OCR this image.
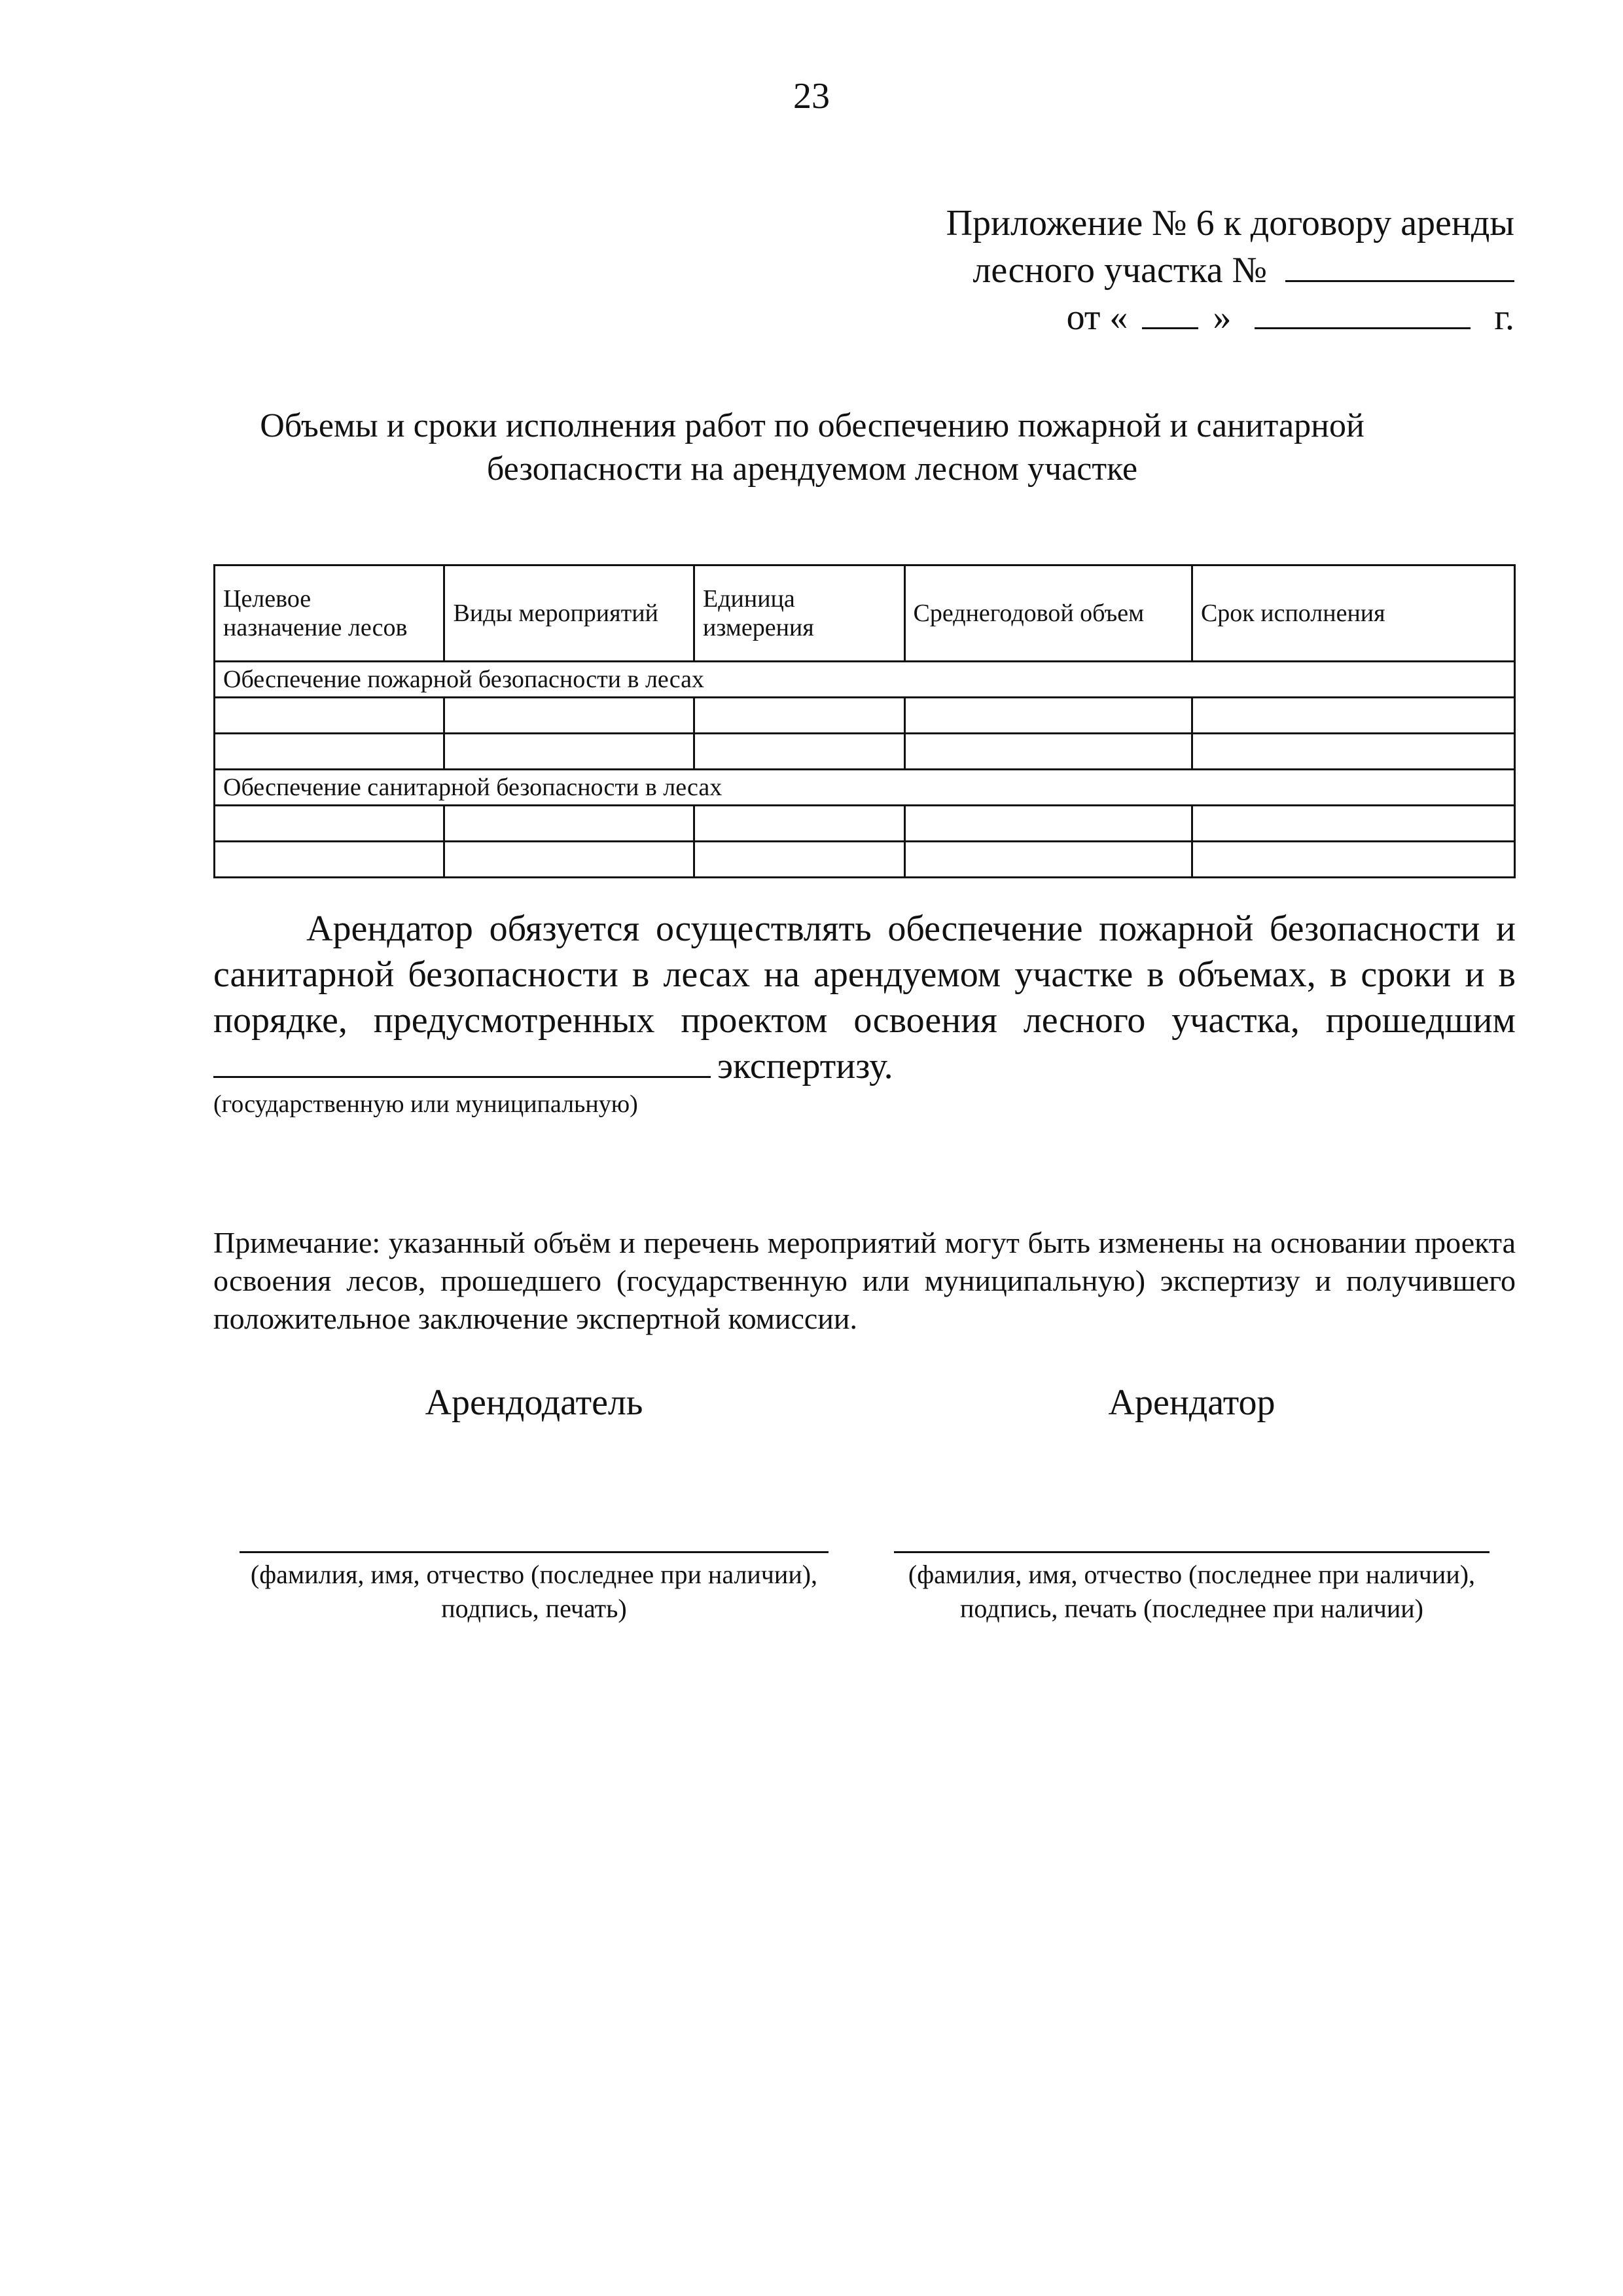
23
Приложение № 6 к договору аренды
лесного участка №
от « »	г.
Объемы и сроки исполнения работ по обеспечению пожарной и санитарной
безопасности на арендуемом лесном участке
Целевое назначение лесов	Виды мероприятий	Единица измерения	Среднегодовой объем	Срок исполнения
Обеспечение пожарной безопасности в лесах				

Обеспечение санитарной безопасности в лесах				

Арендатор обязуется осуществлять обеспечение пожарной безопасности и санитарной безопасности в лесах на арендуемом участке в объемах, в сроки и в порядке, предусмотренных проектом освоения лесного участка, прошедшим

экспертизу.
(государственную или муниципальную)

Примечание: указанный объём и перечень мероприятий могут быть изменены на основании проекта освоения лесов, прошедшего (государственную или муниципальную) экспертизу и получившего положительное заключение экспертной комиссии.

Арендодатель	Арендатор
(фамилия, имя, отчество (последнее при наличии),
подпись, печать)
(фамилия, имя, отчество (последнее при наличии),
подпись, печать (последнее при наличии)
